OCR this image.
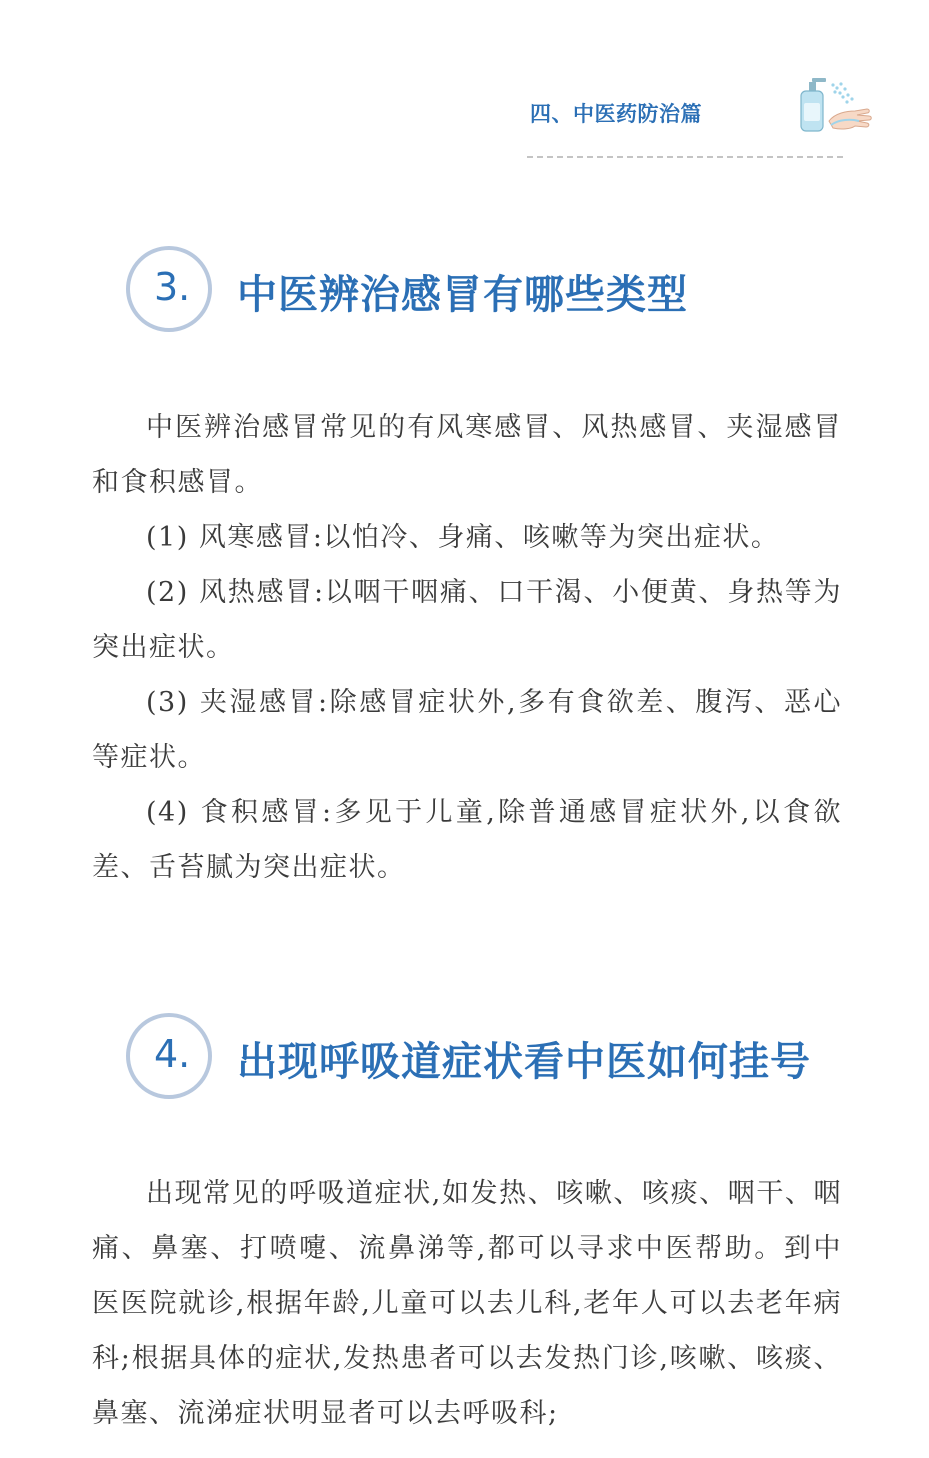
四、中医药防治篇
3. 中医辨治感冒有哪些类型

中医辨治感冒常见的有风寒感冒、风热感冒、夹湿感冒和食积感冒。

(1) 风寒感冒:以怕冷、身痛、咳嗽等为突出症状。

(2) 风热感冒:以咽干咽痛、口干渴、小便黄、身热等为突出症状。

(3) 夹湿感冒:除感冒症状外,多有食欲差、腹泻、恶心等症状。

(4) 食积感冒:多见于儿童,除普通感冒症状外,以食欲差、舌苔腻为突出症状。

4. 出现呼吸道症状看中医如何挂号

出现常见的呼吸道症状,如发热、咳嗽、咳痰、咽干、咽痛、鼻塞、打喷嚏、流鼻涕等,都可以寻求中医帮助。到中医医院就诊,根据年龄,儿童可以去儿科,老年人可以去老年病科;根据具体的症状,发热患者可以去发热门诊,咳嗽、咳痰、鼻塞、流涕症状明显者可以去呼吸科;
